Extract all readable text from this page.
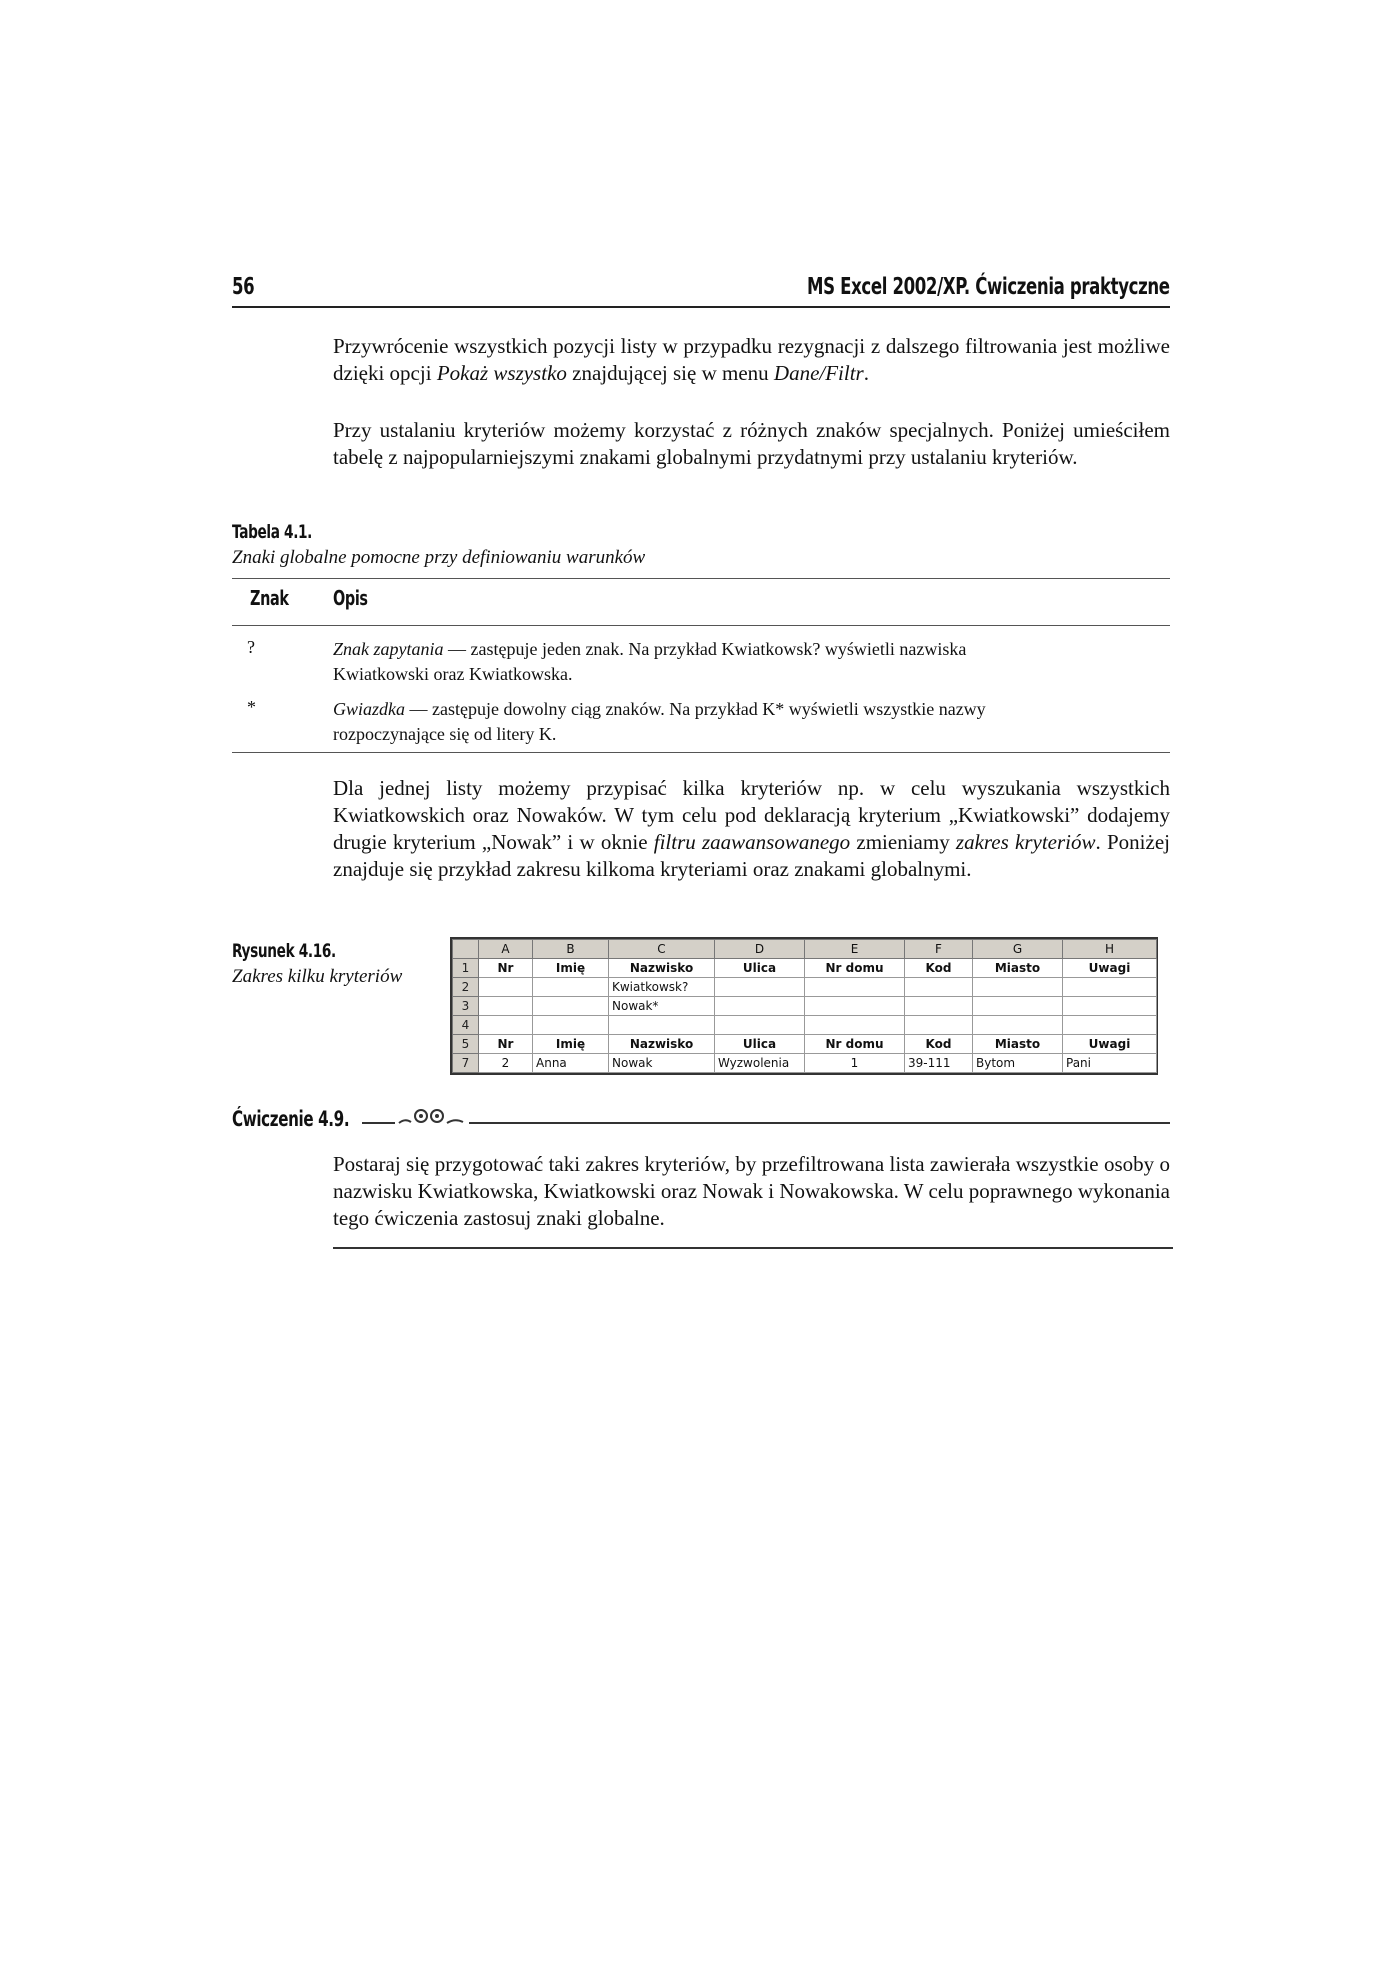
56	MS Excel 2002/XP. Ćwiczenia praktyczne
Przywrócenie wszystkich pozycji listy w przypadku rezygnacji z dalszego filtrowania jest możliwe dzięki opcji Pokaż wszystko znajdującej się w menu Dane/Filtr.
Przy ustalaniu kryteriów możemy korzystać z różnych znaków specjalnych. Poniżej umieściłem tabelę z najpopularniejszymi znakami globalnymi przydatnymi przy ustalaniu kryteriów.
Tabela 4.1.
Znaki globalne pomocne przy definiowaniu warunków
Znak Opis
?	Znak zapytania — zastępuje jeden znak. Na przykład Kwiatkowsk? wyświetli nazwiska
Kwiatkowski oraz Kwiatkowska.
*	Gwiazdka — zastępuje dowolny ciąg znaków. Na przykład K* wyświetli wszystkie nazwy
rozpoczynające się od litery K.
Dla jednej listy możemy przypisać kilka kryteriów np. w celu wyszukania wszystkich Kwiatkowskich oraz Nowaków. W tym celu pod deklaracją kryterium „Kwiatkowski” dodajemy drugie kryterium „Nowak” i w oknie filtru zaawansowanego zmieniamy zakres kryteriów. Poniżej znajduje się przykład zakresu kilkoma kryteriami oraz znakami globalnymi.
Rysunek 4.16.
Zakres kilku kryteriów
	A	B	C	D	E	F	G	H
1	Nr	Imię	Nazwisko	Ulica	Nr domu	Kod	Miasto	Uwagi
2			Kwiatkowsk?					
3			Nowak*					
4								
5	Nr	Imię	Nazwisko	Ulica	Nr domu	Kod	Miasto	Uwagi
7	2	Anna	Nowak	Wyzwolenia	1	39-111	Bytom	Pani
Ćwiczenie 4.9.
Postaraj się przygotować taki zakres kryteriów, by przefiltrowana lista zawierała wszystkie osoby o nazwisku Kwiatkowska, Kwiatkowski oraz Nowak i Nowakowska. W celu poprawnego wykonania tego ćwiczenia zastosuj znaki globalne.
